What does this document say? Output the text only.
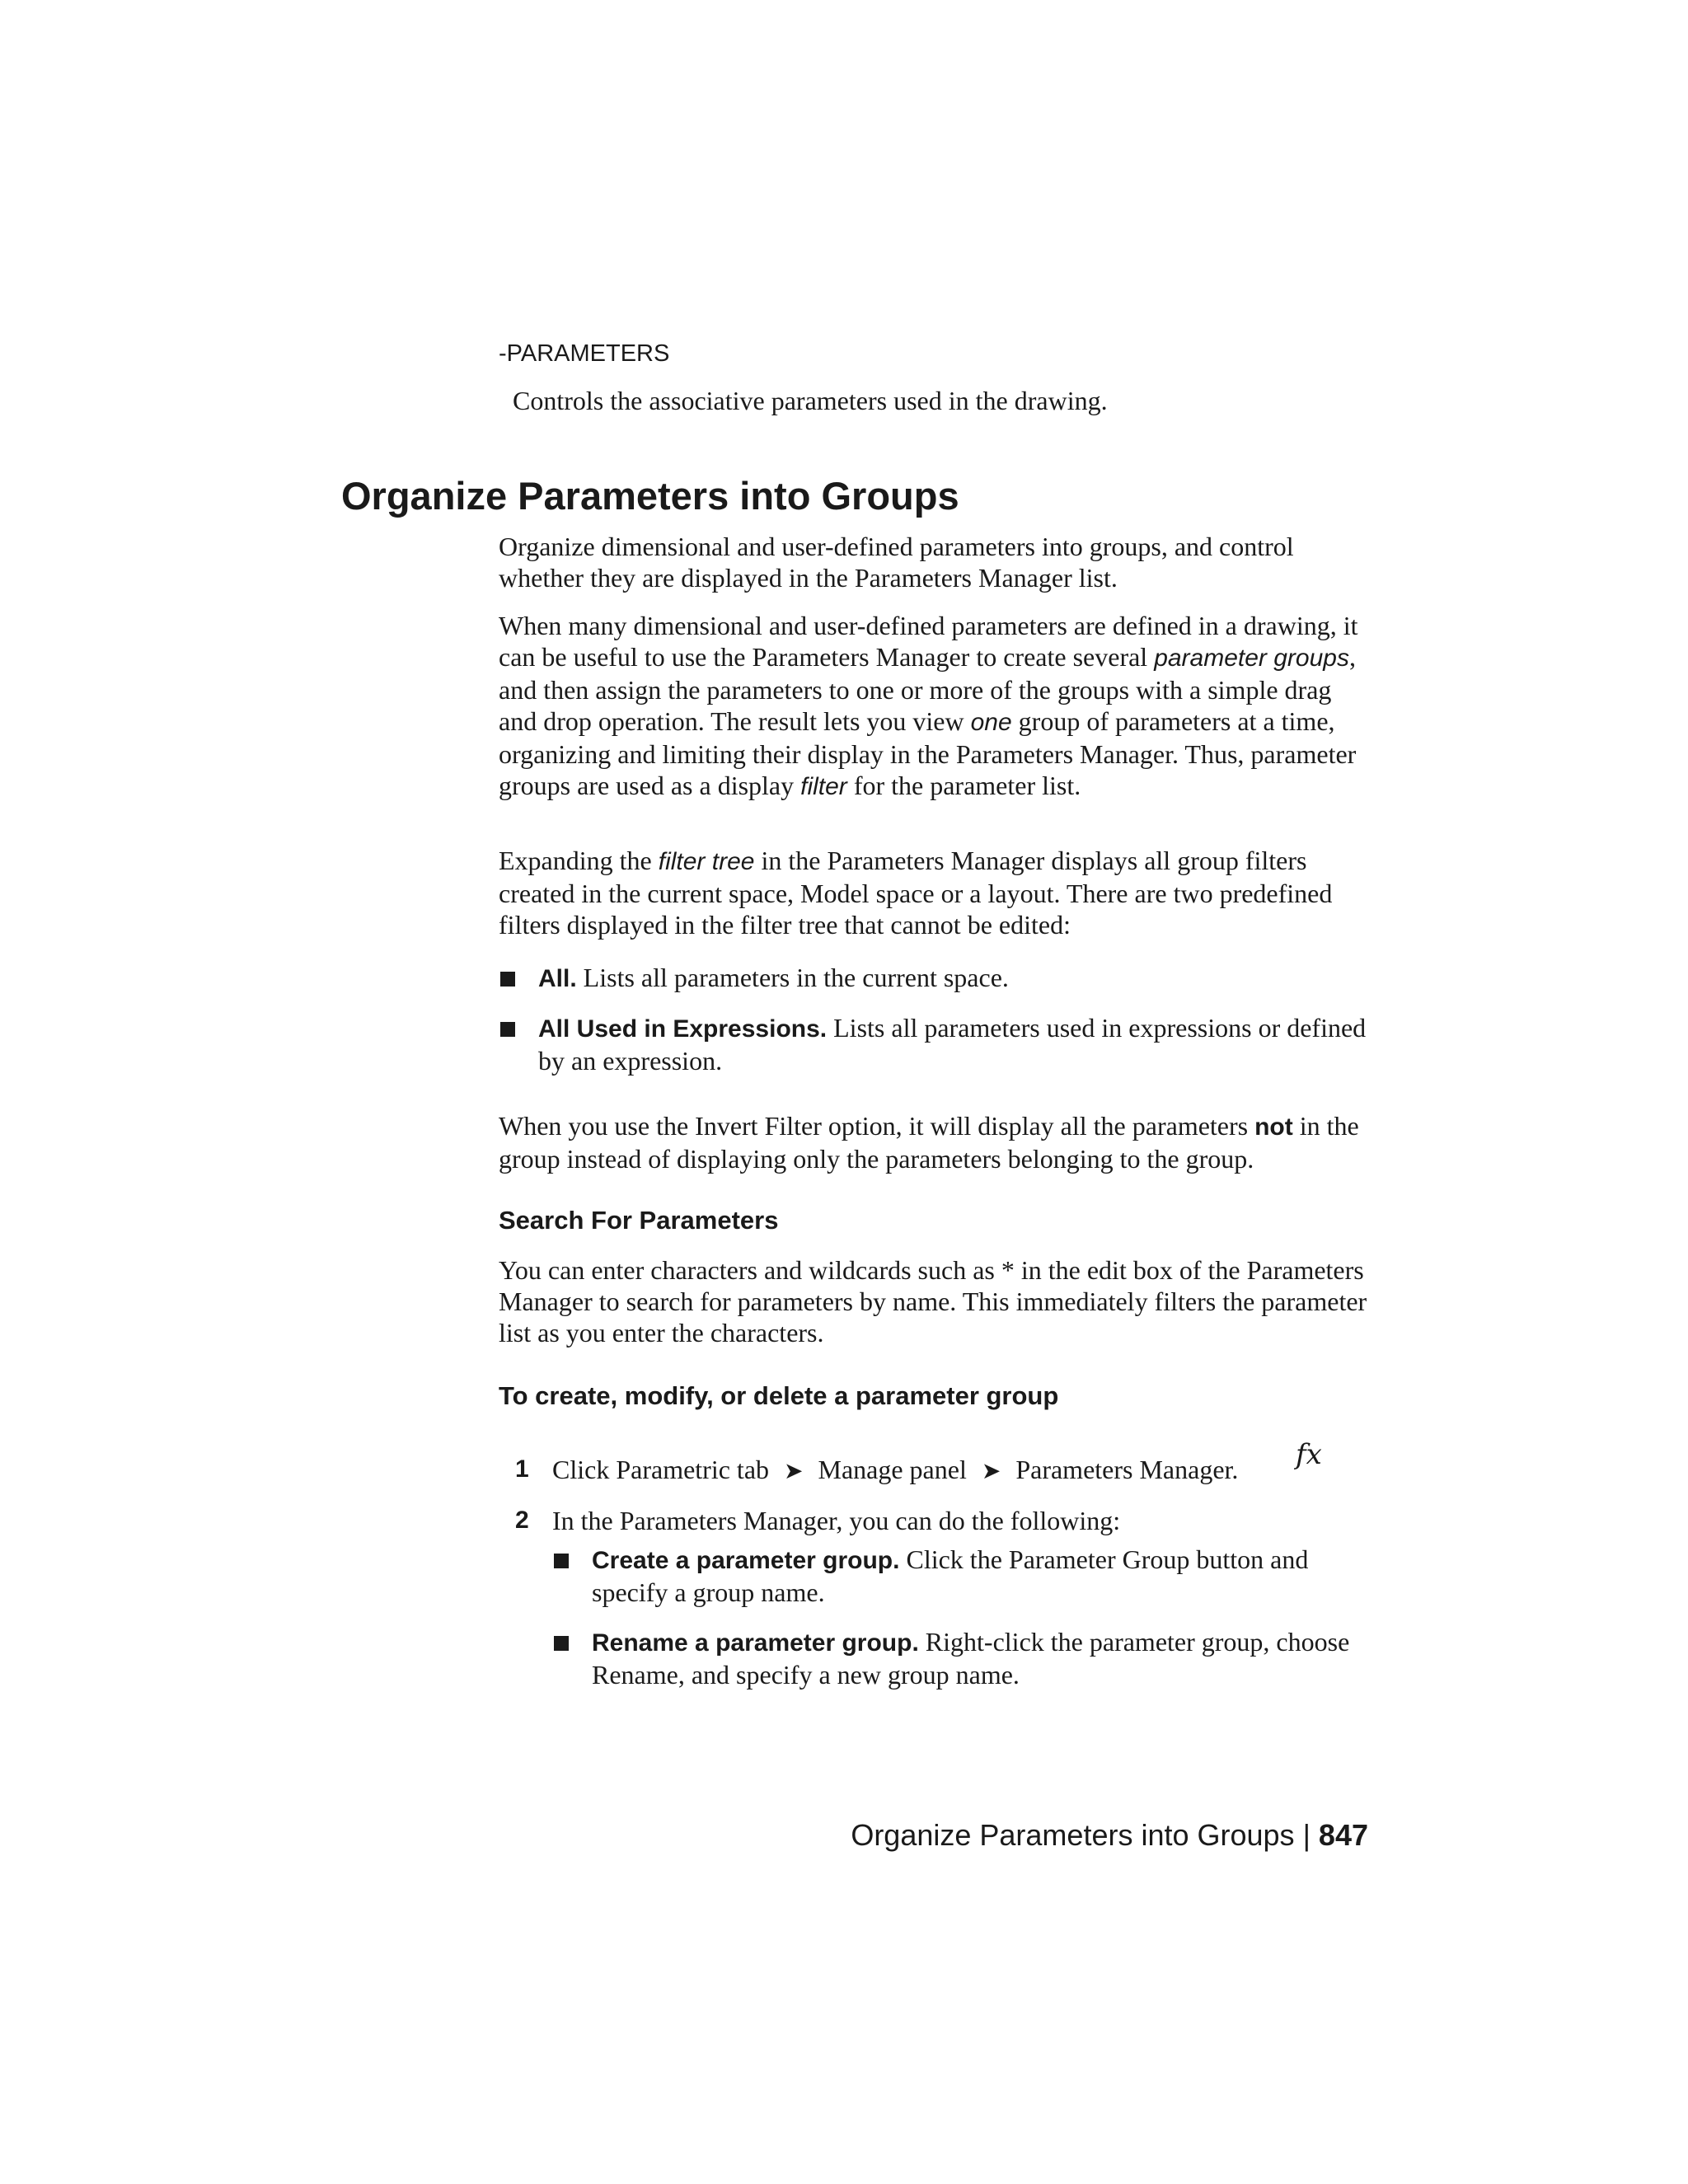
-PARAMETERS
Controls the associative parameters used in the drawing.
Organize Parameters into Groups

Organize dimensional and user-defined parameters into groups, and control whether they are displayed in the Parameters Manager list.

When many dimensional and user-defined parameters are defined in a drawing, it can be useful to use the Parameters Manager to create several parameter groups, and then assign the parameters to one or more of the groups with a simple drag and drop operation. The result lets you view one group of parameters at a time, organizing and limiting their display in the Parameters Manager. Thus, parameter groups are used as a display filter for the parameter list.

Expanding the filter tree in the Parameters Manager displays all group filters created in the current space, Model space or a layout. There are two predefined filters displayed in the filter tree that cannot be edited:

All. Lists all parameters in the current space.
All Used in Expressions. Lists all parameters used in expressions or defined by an expression.

When you use the Invert Filter option, it will display all the parameters not in the group instead of displaying only the parameters belonging to the group.

Search For Parameters

You can enter characters and wildcards such as * in the edit box of the Parameters Manager to search for parameters by name. This immediately filters the parameter list as you enter the characters.

To create, modify, or delete a parameter group
1 Click Parametric tab ➤ Manage panel ➤ Parameters Manager. fx
2 In the Parameters Manager, you can do the following:
Create a parameter group. Click the Parameter Group button and specify a group name.
Rename a parameter group. Right-click the parameter group, choose Rename, and specify a new group name.
Organize Parameters into Groups | 847
